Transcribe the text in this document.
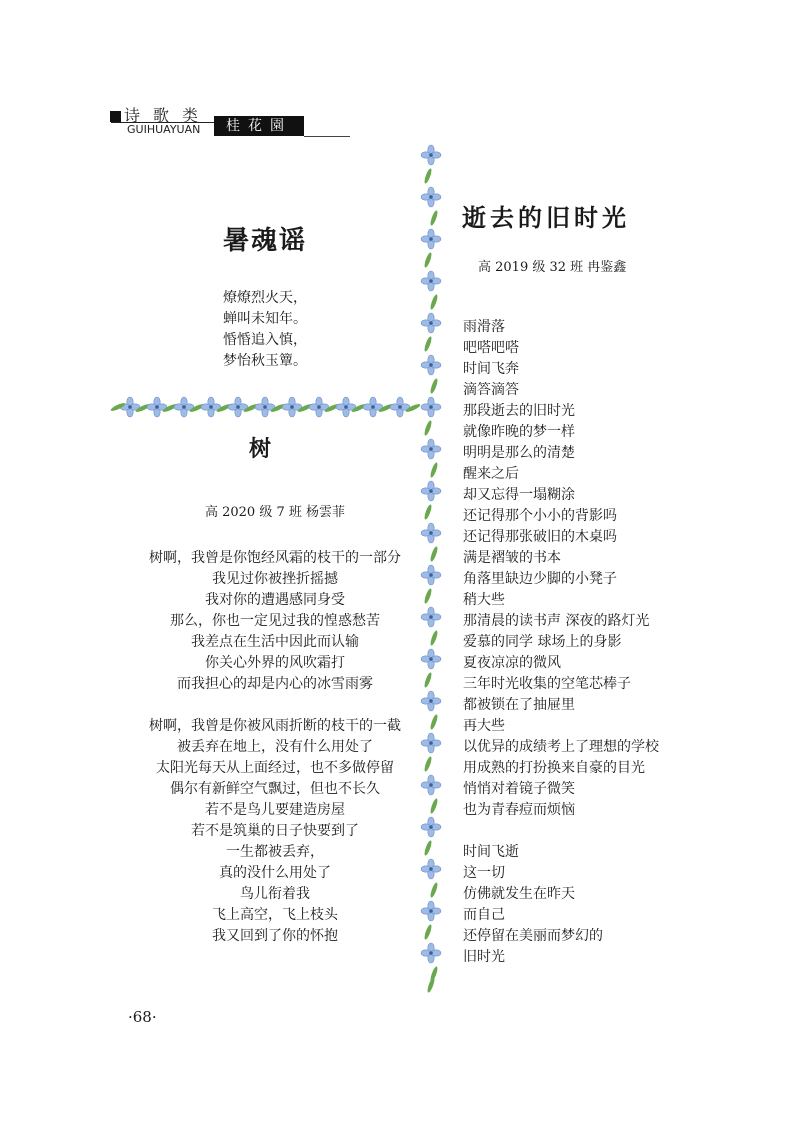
诗歌类
GUIHUAYUAN	桂花園
暑魂谣
燎燎烈火天，
蝉叫未知年。
惛惛追入慎，
梦怡秋玉簟。
树
高 2020 级 7 班 杨雲菲
树啊，我曾是你饱经风霜的枝干的一部分
我见过你被挫折摇撼
我对你的遭遇感同身受
那么，你也一定见过我的惶惑愁苦
我差点在生活中因此而认输
你关心外界的风吹霜打
而我担心的却是内心的冰雪雨雾
树啊，我曾是你被风雨折断的枝干的一截
被丢弃在地上，没有什么用处了
太阳光每天从上面经过，也不多做停留
偶尔有新鲜空气飘过，但也不长久
若不是鸟儿要建造房屋
若不是筑巢的日子快要到了
一生都被丢弃，
真的没什么用处了
鸟儿衔着我
飞上高空，飞上枝头
我又回到了你的怀抱
逝去的旧时光
高 2019 级 32 班 冉鉴鑫
雨滑落
吧嗒吧嗒
时间飞奔
滴答滴答
那段逝去的旧时光
就像昨晚的梦一样
明明是那么的清楚
醒来之后
却又忘得一塌糊涂
还记得那个小小的背影吗
还记得那张破旧的木桌吗
满是褶皱的书本
角落里缺边少脚的小凳子
稍大些
那清晨的读书声 深夜的路灯光
爱慕的同学 球场上的身影
夏夜凉凉的微风
三年时光收集的空笔芯棒子
都被锁在了抽屉里
再大些
以优异的成绩考上了理想的学校
用成熟的打扮换来自豪的目光
悄悄对着镜子微笑
也为青春痘而烦恼
时间飞逝
这一切
仿佛就发生在昨天
而自己
还停留在美丽而梦幻的
旧时光
·68·
